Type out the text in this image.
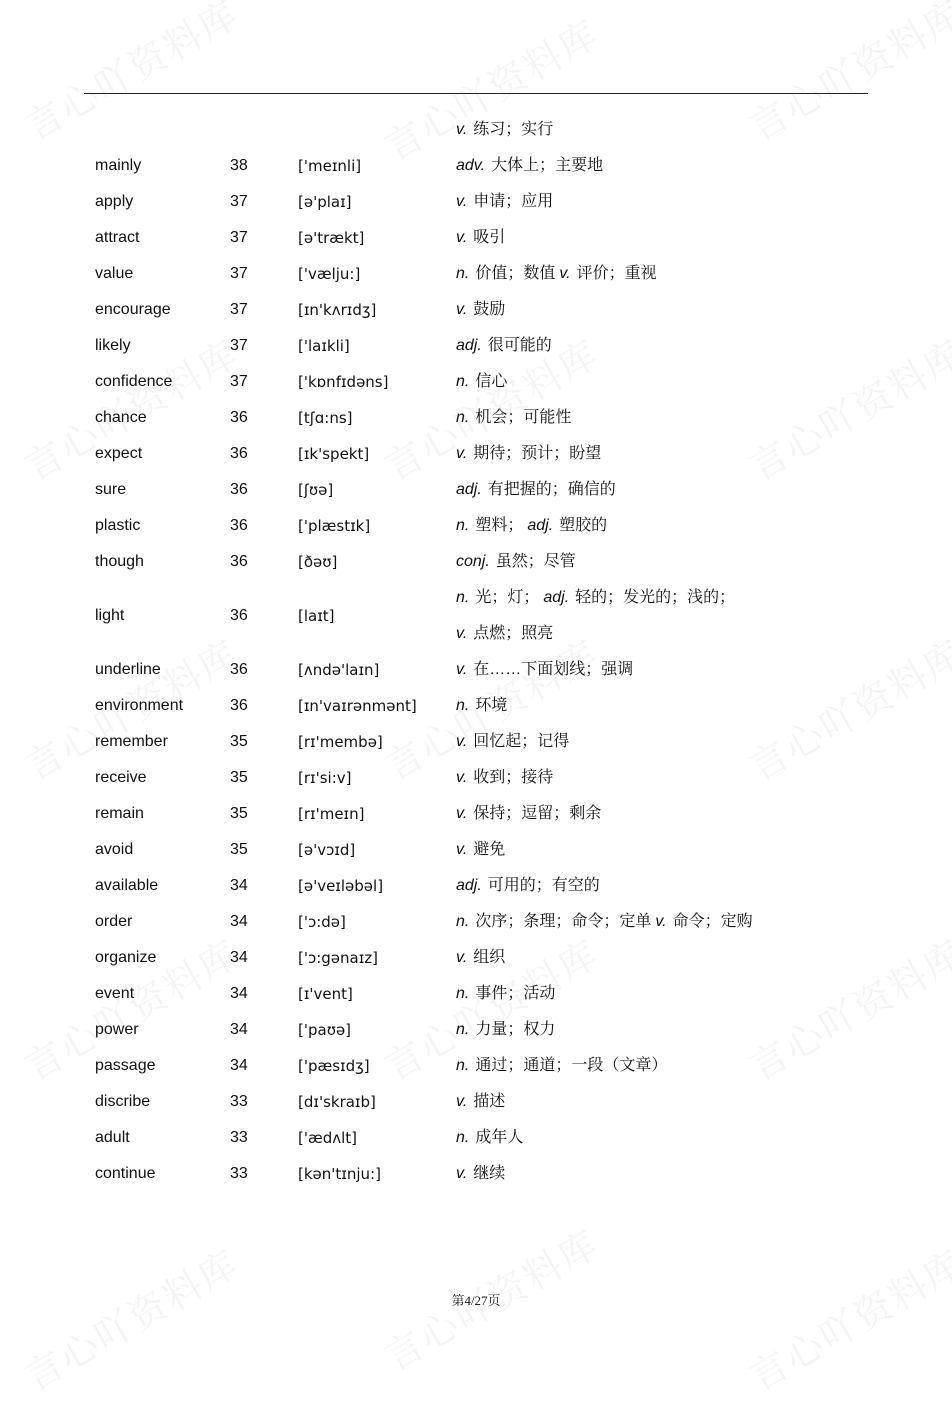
v. 练习；实行
mainly	38	['meɪnli]	adv. 大体上；主要地
apply	37	[ə'plaɪ]	v. 申请；应用
attract	37	[ə'trækt]	v. 吸引
value	37	['vælju:]	n. 价值；数值 v. 评价；重视
encourage	37	[ɪn'kʌrɪdʒ]	v. 鼓励
likely	37	['laɪkli]	adj. 很可能的
confidence	37	['kɒnfɪdəns]	n. 信心
chance	36	[tʃɑ:ns]	n. 机会；可能性
expect	36	[ɪk'spekt]	v. 期待；预计；盼望
sure	36	[ʃʊə]	adj. 有把握的；确信的
plastic	36	['plæstɪk]	n. 塑料； adj. 塑胶的
though	36	[ðəʊ]	conj. 虽然；尽管
light	36	[laɪt]
n. 光；灯； adj. 轻的；发光的；浅的；
v. 点燃；照亮
underline	36	[ʌndə'laɪn]	v. 在……下面划线；强调
environment	36	[ɪn'vaɪrənmənt] n. 环境
remember	35	[rɪ'membə]	v. 回忆起；记得
receive	35	[rɪ'si:v]	v. 收到；接待
remain	35	[rɪ'meɪn]	v. 保持；逗留；剩余
avoid	35	[ə'vɔɪd]	v. 避免
available	34	[ə'veɪləbəl]	adj. 可用的；有空的
order	34	['ɔ:də]	n. 次序；条理；命令；定单 v. 命令；定购
organize	34	['ɔ:gənaɪz]	v. 组织
event	34	[ɪ'vent]	n. 事件；活动
power	34	['paʊə]	n. 力量；权力
passage	34	['pæsɪdʒ]	n. 通过；通道；一段（文章）
discribe	33	[dɪ'skraɪb]	v. 描述
adult	33	['ædʌlt]	n. 成年人
continue	33	[kən'tɪnju:]	v. 继续
第4/27页
